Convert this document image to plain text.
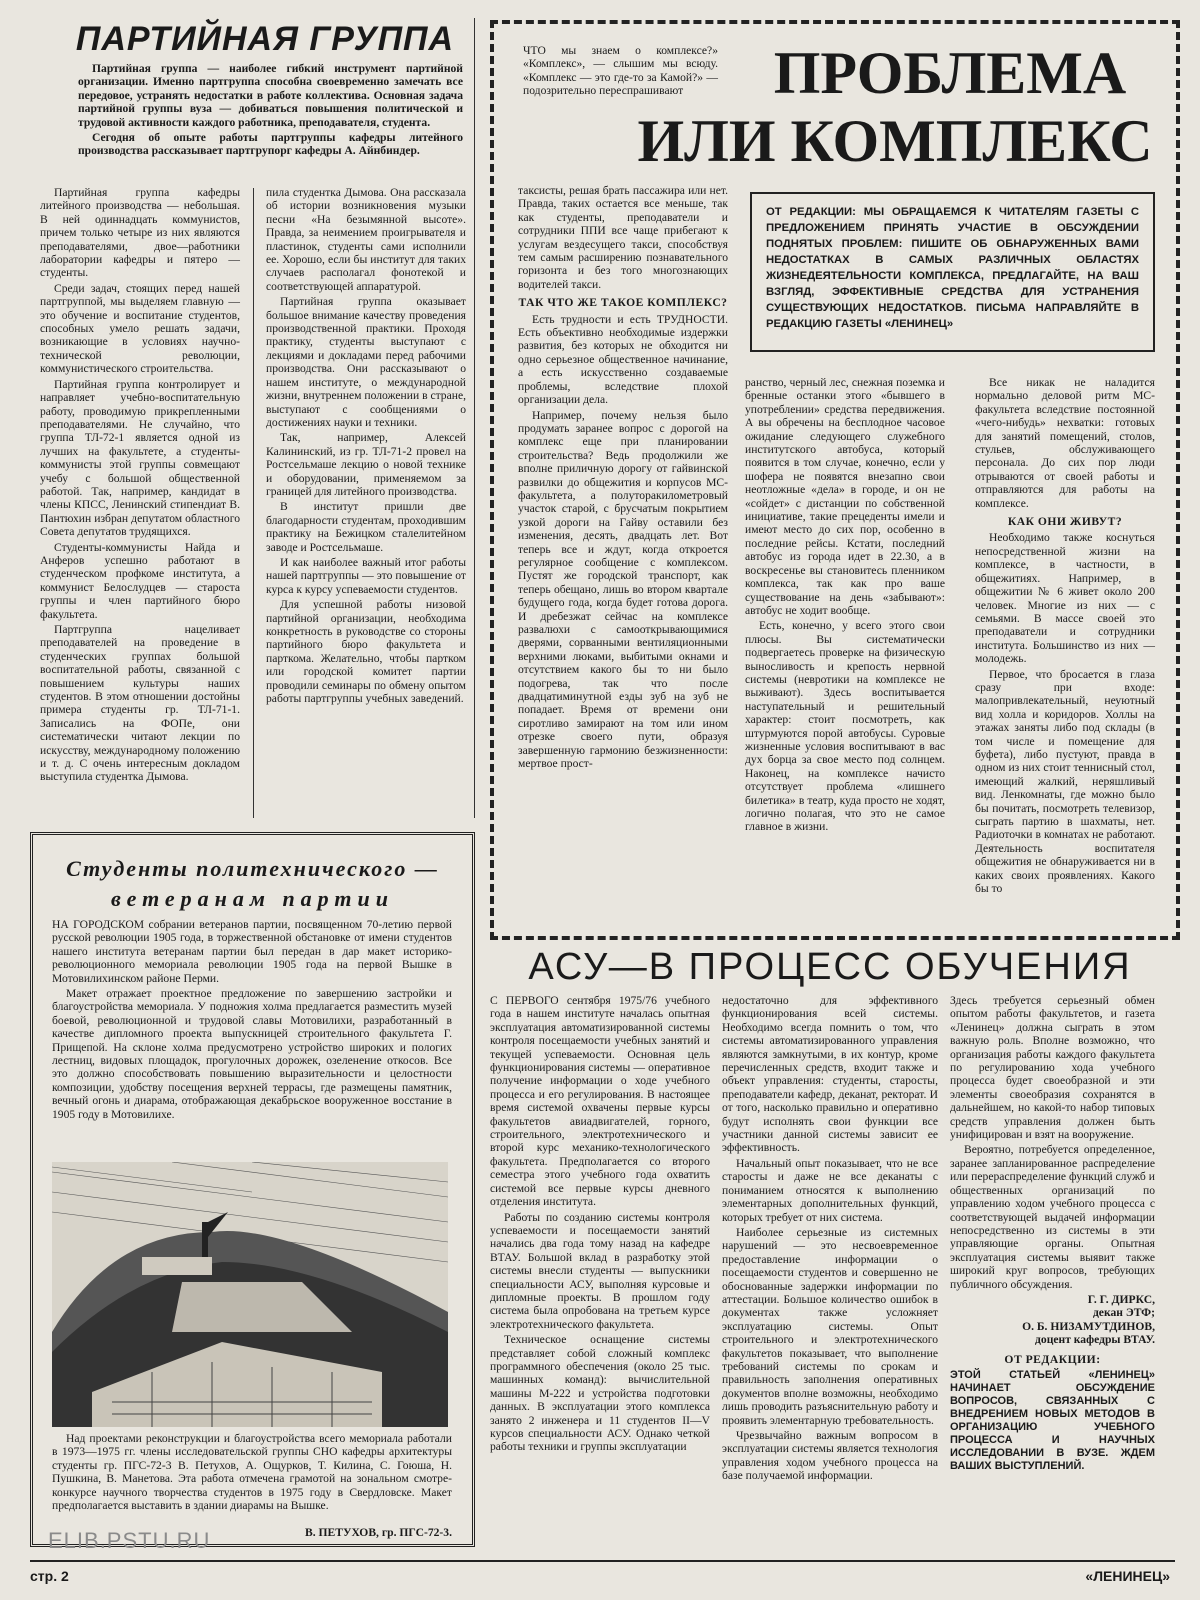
ПАРТИЙНАЯ ГРУППА

Партийная группа — наиболее гибкий инструмент партийной организации. Именно партгруппа способна своевременно замечать все передовое, устранять недостатки в работе коллектива. Основная задача партийной группы вуза — добиваться повышения политической и трудовой активности каждого работника, преподавателя, студента.

Сегодня об опыте работы партгруппы кафедры литейного производства рассказывает партгрупорг кафедры А. Айнбиндер.

Партийная группа кафедры литейного производства — небольшая. В ней одиннадцать коммунистов, причем только четыре из них являются преподавателями, двое—работники лаборатории кафедры и пятеро — студенты.

Среди задач, стоящих перед нашей партгруппой, мы выделяем главную — это обучение и воспитание студентов, способных умело решать задачи, возникающие в условиях научно-технической революции, коммунистического строительства.

Партийная группа контролирует и направляет учебно-воспитательную работу, проводимую прикрепленными преподавателями. Не случайно, что группа ТЛ-72-1 является одной из лучших на факультете, а студенты-коммунисты этой группы совмещают учебу с большой общественной работой. Так, например, кандидат в члены КПСС, Ленинский стипендиат В. Пантюхин избран депутатом областного Совета депутатов трудящихся.

Студенты-коммунисты Найда и Анферов успешно работают в студенческом профкоме института, а коммунист Белослудцев — староста группы и член партийного бюро факультета.

Партгруппа нацеливает преподавателей на проведение в студенческих группах большой воспитательной работы, связанной с повышением культуры наших студентов. В этом отношении достойны примера студенты гр. ТЛ-71-1. Записались на ФОПе, они систематически читают лекции по искусству, международному положению и т. д. С очень интересным докладом выступила студентка Дымова.

пила студентка Дымова. Она рассказала об истории возникновения музыки песни «На безымянной высоте». Правда, за неимением проигрывателя и пластинок, студенты сами исполнили ее. Хорошо, если бы институт для таких случаев располагал фонотекой и соответствующей аппаратурой.

Партийная группа оказывает большое внимание качеству проведения производственной практики. Проходя практику, студенты выступают с лекциями и докладами перед рабочими производства. Они рассказывают о нашем институте, о международной жизни, внутреннем положении в стране, выступают с сообщениями о достижениях науки и техники.

Так, например, Алексей Калининский, из гр. ТЛ-71-2 провел на Ростсельмаше лекцию о новой технике и оборудовании, применяемом за границей для литейного производства.

В институт пришли две благодарности студентам, проходившим практику на Бежицком сталелитейном заводе и Ростсельмаше.

И как наиболее важный итог работы нашей партгруппы — это повышение от курса к курсу успеваемости студентов.

Для успешной работы низовой партийной организации, необходима конкретность в руководстве со стороны партийного бюро факультета и парткома. Желательно, чтобы партком или городской комитет партии проводили семинары по обмену опытом работы партгруппы учебных заведений.

ЧТО мы знаем о комплексе?» «Комплекс», — слышим мы всюду. «Комплекс — это где-то за Камой?» — подозрительно переспрашивают	ПРОБЛЕМА
ИЛИ КОМПЛЕКС

таксисты, решая брать пассажира или нет. Правда, таких остается все меньше, так как студенты, преподаватели и сотрудники ППИ все чаще прибегают к услугам вездесущего такси, способствуя тем самым расширению познавательного горизонта и без того многознающих водителей такси.

ТАК ЧТО ЖЕ ТАКОЕ КОМПЛЕКС?

Есть трудности и есть ТРУДНОСТИ. Есть объективно необходимые издержки развития, без которых не обходится ни одно серьезное общественное начинание, а есть искусственно создаваемые проблемы, вследствие плохой организации дела.

Например, почему нельзя было продумать заранее вопрос с дорогой на комплекс еще при планировании строительства? Ведь продолжили же вполне приличную дорогу от гайвинской развилки до общежития и корпусов МС-факультета, а полуторакилометровый участок старой, с брусчатым покрытием узкой дороги на Гайву оставили без изменения, десять, двадцать лет. Вот теперь все и ждут, когда откроется регулярное сообщение с комплексом. Пустят же городской транспорт, как теперь обещано, лишь во втором квартале будущего года, когда будет готова дорога. И дребезжат сейчас на комплексе развалюхи с самооткрывающимися дверями, сорванными вентиляционными верхними люками, выбитыми окнами и отсутствием какого бы то ни было подогрева, так что после двадцатиминутной езды зуб на зуб не попадает. Время от времени они сиротливо замирают на том или ином отрезке своего пути, образуя завершенную гармонию безжизненности: мертвое прост-

ОТ РЕДАКЦИИ: МЫ ОБРАЩАЕМСЯ К ЧИТАТЕЛЯМ ГАЗЕТЫ С ПРЕДЛОЖЕНИЕМ ПРИНЯТЬ УЧАСТИЕ В ОБСУЖДЕНИИ ПОДНЯТЫХ ПРОБЛЕМ: ПИШИТЕ ОБ ОБНАРУЖЕННЫХ ВАМИ НЕДОСТАТКАХ В САМЫХ РАЗЛИЧНЫХ ОБЛАСТЯХ ЖИЗНЕДЕЯТЕЛЬНОСТИ КОМПЛЕКСА, ПРЕДЛАГАЙТЕ, НА ВАШ ВЗГЛЯД, ЭФФЕКТИВНЫЕ СРЕДСТВА ДЛЯ УСТРАНЕНИЯ СУЩЕСТВУЮЩИХ НЕДОСТАТКОВ. ПИСЬМА НАПРАВЛЯЙТЕ В РЕДАКЦИЮ ГАЗЕТЫ «ЛЕНИНЕЦ»

ранство, черный лес, снежная поземка и бренные останки этого «бывшего в употреблении» средства передвижения. А вы обречены на бесплодное часовое ожидание следующего служебного институтского автобуса, который появится в том случае, конечно, если у шофера не появятся внезапно свои неотложные «дела» в городе, и он не «сойдет» с дистанции по собственной инициативе, такие прецеденты имели и имеют место до сих пор, особенно в последние рейсы. Кстати, последний автобус из города идет в 22.30, а в воскресенье вы становитесь пленником комплекса, так как про ваше существование на день «забывают»: автобус не ходит вообще.

Есть, конечно, у всего этого свои плюсы. Вы систематически подвергаетесь проверке на физическую выносливость и крепость нервной системы (невротики на комплексе не выживают). Здесь воспитывается наступательный и решительный характер: стоит посмотреть, как штурмуются порой автобусы. Суровые жизненные условия воспитывают в вас дух борца за свое место под солнцем. Наконец, на комплексе начисто отсутствует проблема «лишнего билетика» в театр, куда просто не ходят, логично полагая, что это не самое главное в жизни.

Все никак не наладится нормально деловой ритм МС-факультета вследствие постоянной «чего-нибудь» нехватки: готовых для занятий помещений, столов, стульев, обслуживающего персонала. До сих пор люди отрываются от своей работы и отправляются для работы на комплексе.

КАК ОНИ ЖИВУТ?

Необходимо также коснуться непосредственной жизни на комплексе, в частности, в общежитиях. Например, в общежитии № 6 живет около 200 человек. Многие из них — с семьями. В массе своей это преподаватели и сотрудники института. Большинство из них — молодежь.

Первое, что бросается в глаза сразу при входе: малопривлекательный, неуютный вид холла и коридоров. Холлы на этажах заняты либо под склады (в том числе и помещение для буфета), либо пустуют, правда в одном из них стоит теннисный стол, имеющий жалкий, неряшливый вид. Ленкомнаты, где можно было бы почитать, посмотреть телевизор, сыграть партию в шахматы, нет. Радиоточки в комнатах не работают. Деятельность воспитателя общежития не обнаруживается ни в каких своих проявлениях. Какого бы то

Студенты политехнического —
ветеранам партии

НА ГОРОДСКОМ собрании ветеранов партии, посвященном 70-летию первой русской революции 1905 года, в торжественной обстановке от имени студентов нашего института ветеранам партии был передан в дар макет историко-революционного мемориала революции 1905 года на первой Вышке в Мотовилихинском районе Перми.

Макет отражает проектное предложение по завершению застройки и благоустройства мемориала. У подножия холма предлагается разместить музей боевой, революционной и трудовой славы Мотовилихи, разработанный в качестве дипломного проекта выпускницей строительного факультета Г. Прищепой. На склоне холма предусмотрено устройство широких и пологих лестниц, видовых площадок, прогулочных дорожек, озеленение откосов. Все это должно способствовать повышению выразительности и целостности композиции, удобству посещения верхней террасы, где размещены памятник, вечный огонь и диарама, отображающая декабрьское вооруженное восстание в 1905 году в Мотовилихе.

Над проектами реконструкции и благоустройства всего мемориала работали в 1973—1975 гг. члены исследовательской группы СНО кафедры архитектуры студенты гр. ПГС-72-3 В. Петухов, А. Ощурков, Т. Килина, С. Гоюша, Н. Пушкина, В. Манетова. Эта работа отмечена грамотой на зональном смотре-конкурсе научного творчества студентов в 1975 году в Свердловске. Макет предполагается выставить в здании диарамы на Вышке.

В. ПЕТУХОВ, гр. ПГС-72-3.
АСУ—В ПРОЦЕСС ОБУЧЕНИЯ

С ПЕРВОГО сентября 1975/76 учебного года в нашем институте началась опытная эксплуатация автоматизированной системы контроля посещаемости учебных занятий и текущей успеваемости. Основная цель функционирования системы — оперативное получение информации о ходе учебного процесса и его регулирования. В настоящее время системой охвачены первые курсы факультетов авиадвигателей, горного, строительного, электротехнического и второй курс механико-технологического факультета. Предполагается со второго семестра этого учебного года охватить системой все первые курсы дневного отделения института.

Работы по созданию системы контроля успеваемости и посещаемости занятий начались два года тому назад на кафедре ВТАУ. Большой вклад в разработку этой системы внесли студенты — выпускники специальности АСУ, выполняя курсовые и дипломные проекты. В прошлом году система была опробована на третьем курсе электротехнического факультета.

Техническое оснащение системы представляет собой сложный комплекс программного обеспечения (около 25 тыс. машинных команд): вычислительной машины М-222 и устройства подготовки данных. В эксплуатации этого комплекса занято 2 инженера и 11 студентов II—V курсов специальности АСУ. Однако четкой работы техники и группы эксплуатации

недостаточно для эффективного функционирования всей системы. Необходимо всегда помнить о том, что системы автоматизированного управления являются замкнутыми, в их контур, кроме перечисленных средств, входит также и объект управления: студенты, старосты, преподаватели кафедр, деканат, ректорат. И от того, насколько правильно и оперативно будут исполнять свои функции все участники данной системы зависит ее эффективность.

Начальный опыт показывает, что не все старосты и даже не все деканаты с пониманием относятся к выполнению элементарных дополнительных функций, которых требует от них система.

Наиболее серьезные из системных нарушений — это несвоевременное предоставление информации о посещаемости студентов и совершенно не обоснованные задержки информации по аттестации. Большое количество ошибок в документах также усложняет эксплуатацию системы. Опыт строительного и электротехнического факультетов показывает, что выполнение требований системы по срокам и правильность заполнения оперативных документов вполне возможны, необходимо лишь проводить разъяснительную работу и проявить элементарную требовательность.

Чрезвычайно важным вопросом в эксплуатации системы является технология управления ходом учебного процесса на базе получаемой информации.

Здесь требуется серьезный обмен опытом работы факультетов, и газета «Ленинец» должна сыграть в этом важную роль. Вполне возможно, что организация работы каждого факультета по регулированию хода учебного процесса будет своеобразной и эти элементы своеобразия сохранятся в дальнейшем, но какой-то набор типовых средств управления должен быть унифицирован и взят на вооружение.

Вероятно, потребуется определенное, заранее запланированное распределение или перераспределение функций служб и общественных организаций по управлению ходом учебного процесса с соответствующей выдачей информации непосредственно из системы в эти управляющие органы. Опытная эксплуатация системы выявит также широкий круг вопросов, требующих публичного обсуждения.

Г. Г. ДИРКС,
декан ЭТФ;
О. Б. НИЗАМУТДИНОВ,
доцент кафедры ВТАУ.
ОТ РЕДАКЦИИ:
ЭТОЙ СТАТЬЕЙ «ЛЕНИНЕЦ» НАЧИНАЕТ ОБСУЖДЕНИЕ ВОПРОСОВ, СВЯЗАННЫХ С ВНЕДРЕНИЕМ НОВЫХ МЕТОДОВ В ОРГАНИЗАЦИЮ УЧЕБНОГО ПРОЦЕССА И НАУЧНЫХ ИССЛЕДОВАНИИ В ВУЗЕ. ЖДЕМ ВАШИХ ВЫСТУПЛЕНИЙ.
стр. 2
ELIB.PSTU.RU
«ЛЕНИНЕЦ»
